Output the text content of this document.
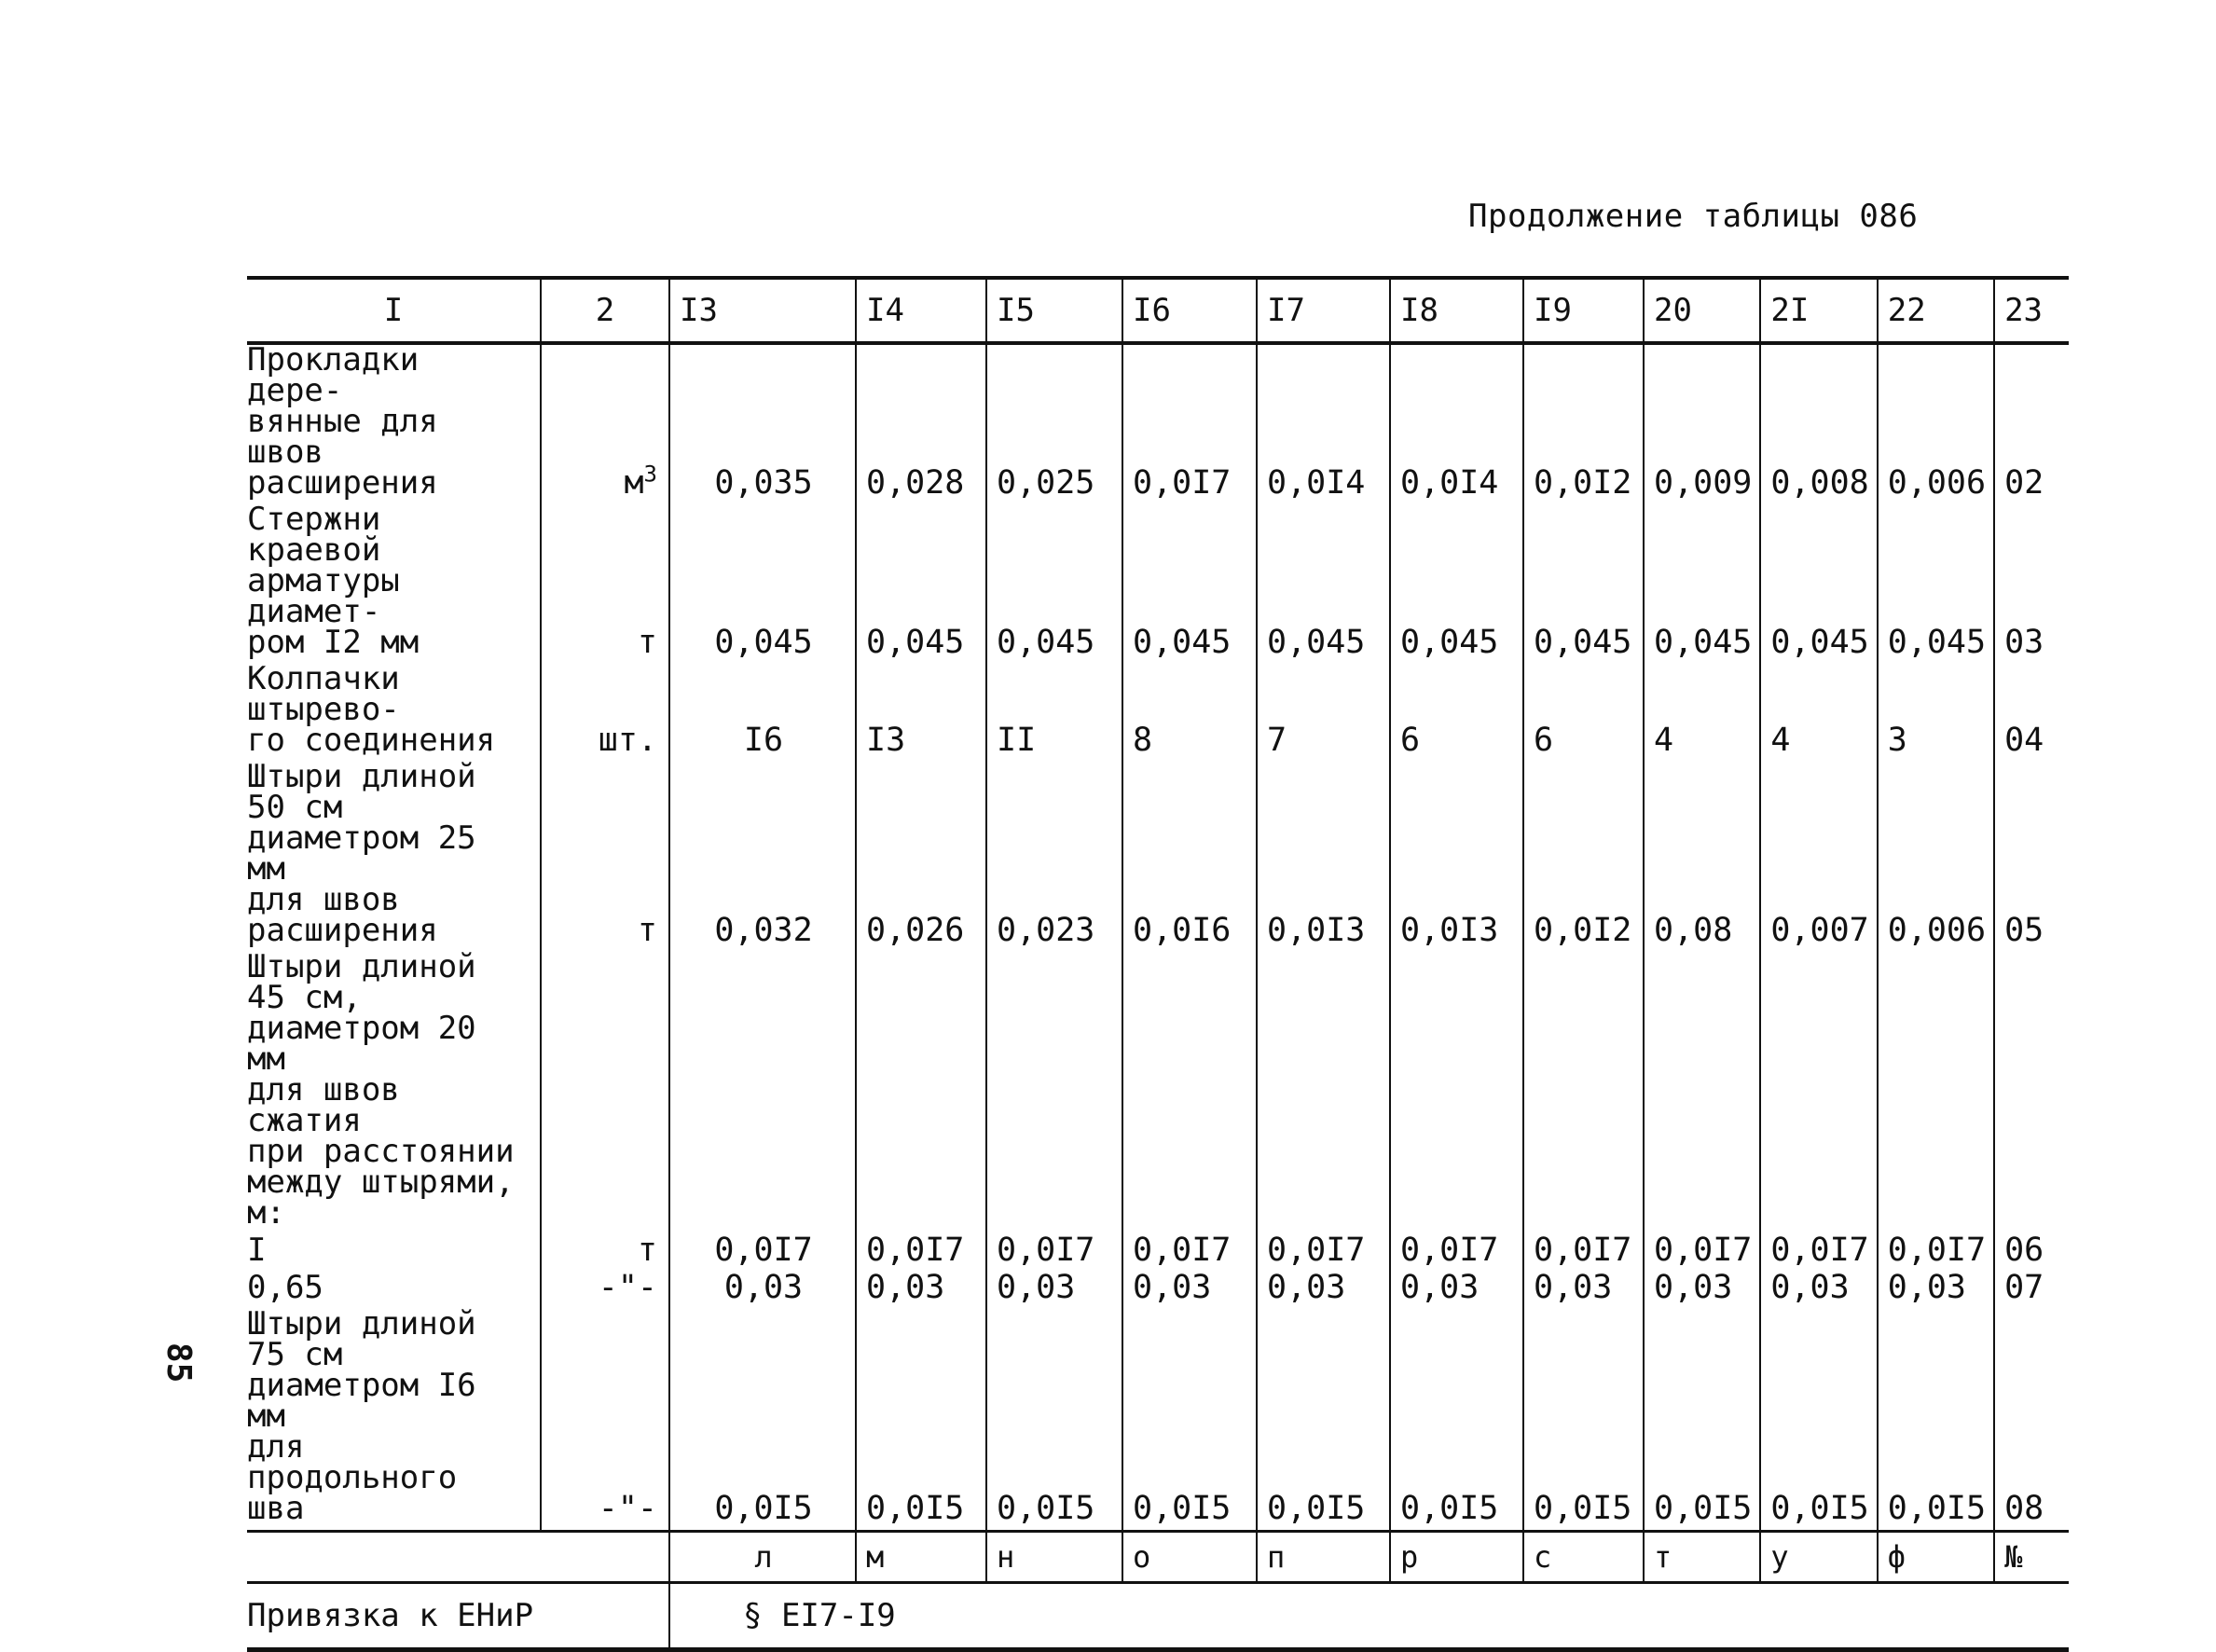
Продолжение таблицы 086
I	2	I3	I4	I5	I6	I7	I8	I9	20	2I	22	23
Прокладки дере-
вянные для швов
расширения	$м^3$	0,035	0,028	0,025	0,0I7	0,0I4	0,0I4	0,0I2	0,009	0,008	0,006	02
Стержни краевой
арматуры диамет-
ром I2 мм	т	0,045	0,045	0,045	0,045	0,045	0,045	0,045	0,045	0,045	0,045	03
Колпачки штырево-
го соединения	шт.	I6	I3	II	8	7	6	6	4	4	3	04
Штыри длиной 50 см
диаметром 25 мм
для швов расширения	т	0,032	0,026	0,023	0,0I6	0,0I3	0,0I3	0,0I2	0,08	0,007	0,006	05
Штыри длиной 45 см,
диаметром 20 мм
для швов сжатия
при расстоянии
между штырями, м:												
I	т	0,0I7	0,0I7	0,0I7	0,0I7	0,0I7	0,0I7	0,0I7	0,0I7	0,0I7	0,0I7	06
0,65	-"-	0,03	0,03	0,03	0,03	0,03	0,03	0,03	0,03	0,03	0,03	07
Штыри длиной 75 см
диаметром I6 мм
для продольного
шва	-"-	0,0I5	0,0I5	0,0I5	0,0I5	0,0I5	0,0I5	0,0I5	0,0I5	0,0I5	0,0I5	08
		л	м	н	о	п	р	с	т	у	ф	№
Привязка к ЕНиР		§ ЕI7-I9										
85
